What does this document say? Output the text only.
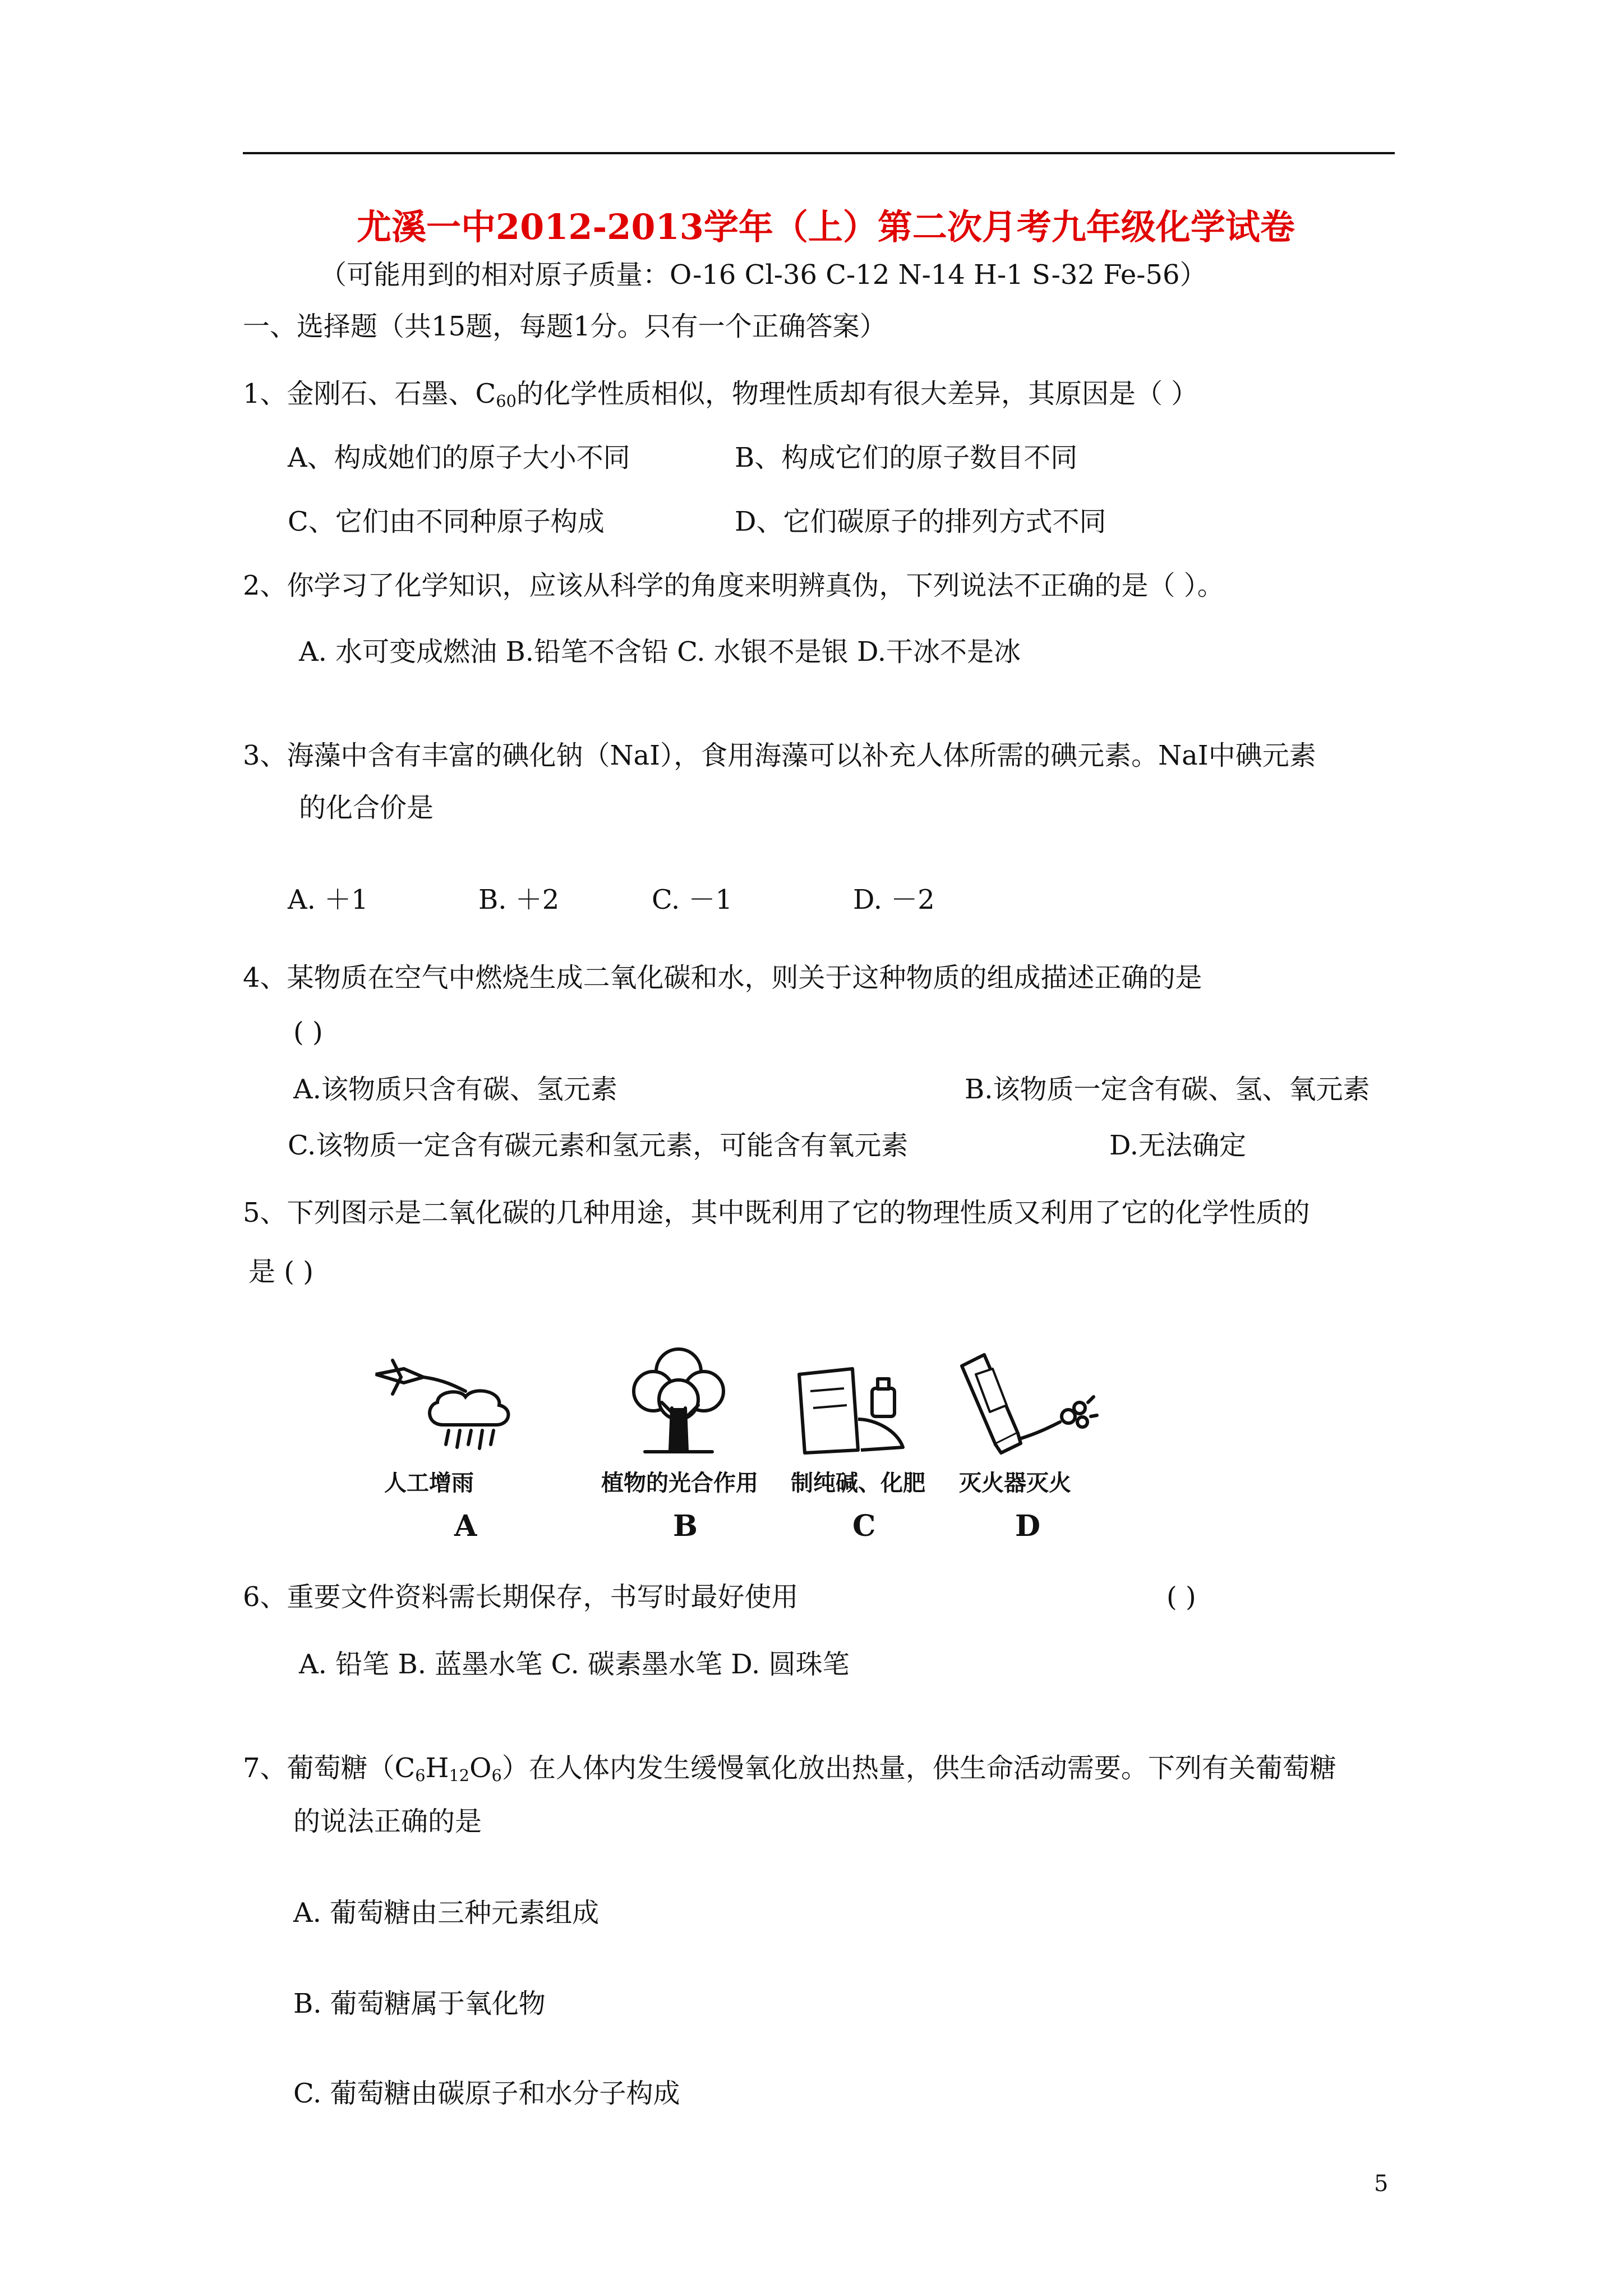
尤溪一中2012-2013学年（上）第二次月考九年级化学试卷
（可能用到的相对原子质量：O-16 Cl-36 C-12 N-14 H-1 S-32 Fe-56）
一、选择题（共15题，每题1分。只有一个正确答案）
1、金刚石、石墨、$C_{60}$的化学性质相似，物理性质却有很大差异，其原因是（ ）
A、构成她们的原子大小不同	B、构成它们的原子数目不同
C、它们由不同种原子构成	D、它们碳原子的排列方式不同
2、你学习了化学知识，应该从科学的角度来明辨真伪，下列说法不正确的是（ ）。
A. 水可变成燃油 B.铅笔不含铅 C. 水银不是银 D.干冰不是冰
3、海藻中含有丰富的碘化钠（NaI），食用海藻可以补充人体所需的碘元素。NaI中碘元素
的化合价是
A. ＋1	B. ＋2	C. －1	D. －2
4、某物质在空气中燃烧生成二氧化碳和水，则关于这种物质的组成描述正确的是
( )
A.该物质只含有碳、氢元素	B.该物质一定含有碳、氢、氧元素
C.该物质一定含有碳元素和氢元素，可能含有氧元素	D.无法确定
5、下列图示是二氧化碳的几种用途，其中既利用了它的物理性质又利用了它的化学性质的
是 ( )
人工增雨
A
植物的光合作用
B
制纯碱、化肥
C
灭火器灭火
D
6、重要文件资料需长期保存，书写时最好使用	( )
A. 铅笔 B. 蓝墨水笔 C. 碳素墨水笔 D. 圆珠笔
7、葡萄糖$(C_6H_{12}O_6)$在人体内发生缓慢氧化放出热量，供生命活动需要。下列有关葡萄糖
的说法正确的是
A. 葡萄糖由三种元素组成
B. 葡萄糖属于氧化物
C. 葡萄糖由碳原子和水分子构成
5
